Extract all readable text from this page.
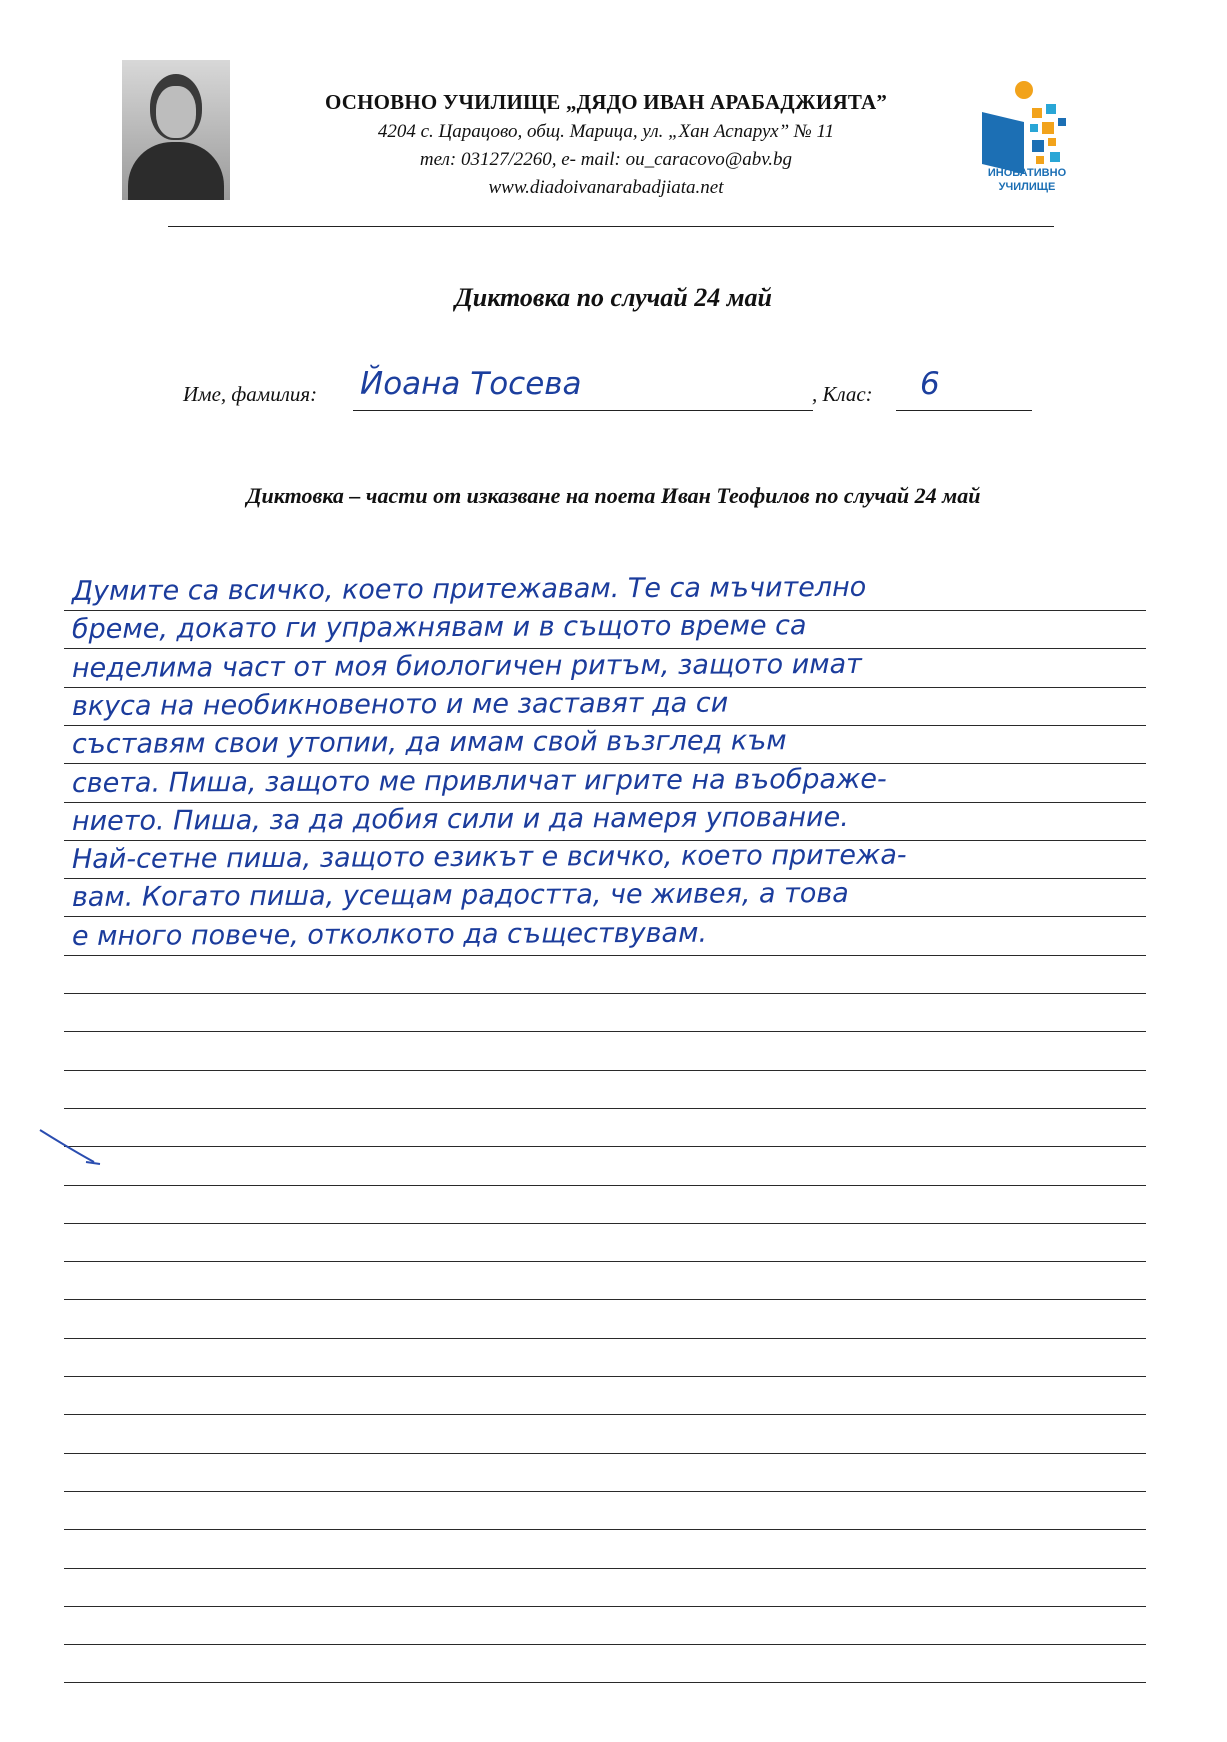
ОСНОВНО УЧИЛИЩЕ „ДЯДО ИВАН АРАБАДЖИЯТА”
4204 с. Царацово, общ. Марица, ул. „Хан Аспарух” № 11
тел: 03127/2260, e- mail: ou_caracovo@abv.bg
www.diadoivanarabadjiata.net
ИНОВАТИВНО
УЧИЛИЩЕ
Диктовка по случай 24 май
Име, фамилия: Йоана Тосева	, Клас: 6
Диктовка – части от изказване на поета Иван Теофилов по случай 24 май
Думите са всичко, което притежавам. Те са мъчително
бреме, докато ги упражнявам и в същото време са
неделима част от моя биологичен ритъм, защото имат
вкуса на необикновеното и ме заставят да си
съставям свои утопии, да имам свой възглед към
света. Пиша, защото ме привличат игрите на въображе-
нието. Пиша, за да добия сили и да намеря упование.
Най-сетне пиша, защото езикът е всичко, което притежа-
вам. Когато пиша, усещам радостта, че живея, а това
е много повече, отколкото да съществувам.
